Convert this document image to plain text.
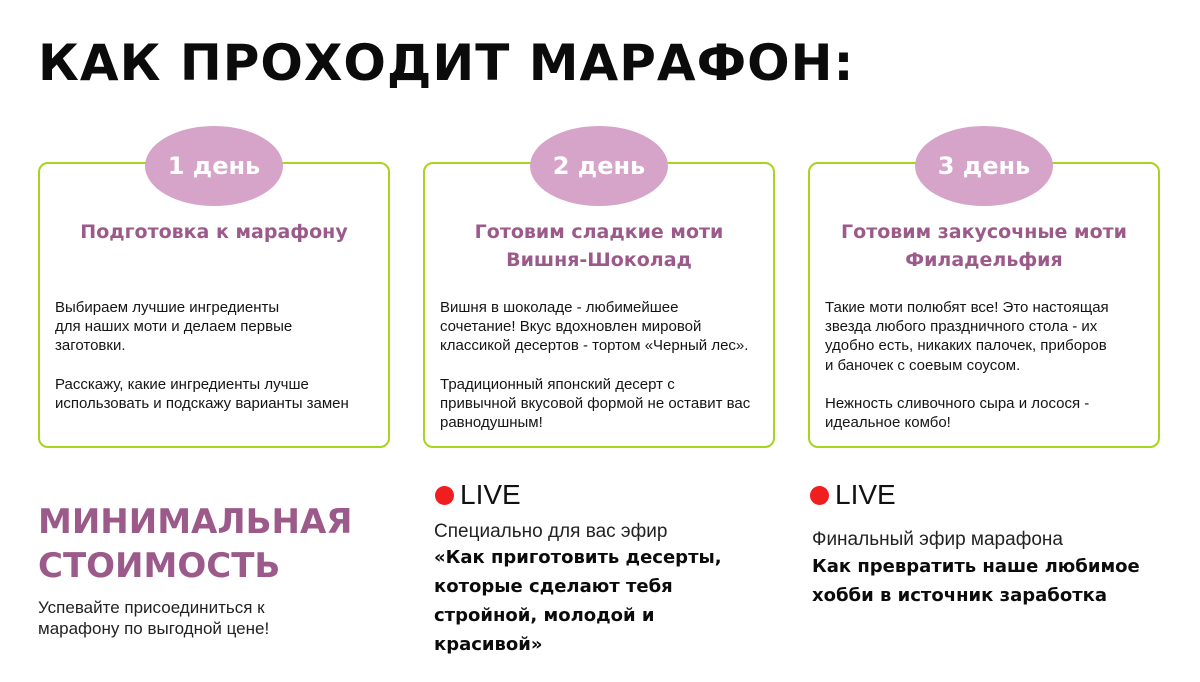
КАК ПРОХОДИТ МАРАФОН:
1 день
Подготовка к марафону

Выбираем лучшие ингредиенты
для наших моти и делаем первые
заготовки.

Расскажу, какие ингредиенты лучше
использовать и подскажу варианты замен

2 день
Готовим сладкие моти
Вишня-Шоколад

Вишня в шоколаде - любимейшее
сочетание! Вкус вдохновлен мировой
классикой десертов - тортом «Черный лес».

Традиционный японский десерт с
привычной вкусовой формой не оставит вас
равнодушным!

3 день
Готовим закусочные моти
Филадельфия

Такие моти полюбят все! Это настоящая
звезда любого праздничного стола - их
удобно есть, никаких палочек, приборов
и баночек с соевым соусом.

Нежность сливочного сыра и лосося -
идеальное комбо!

МИНИМАЛЬНАЯ
СТОИМОСТЬ
Успевайте присоединиться к
марафону по выгодной цене!
LIVE
Специально для вас эфир
«Как приготовить десерты,
которые сделают тебя
стройной, молодой и
красивой»
LIVE
Финальный эфир марафона
Как превратить наше любимое
хобби в источник заработка
